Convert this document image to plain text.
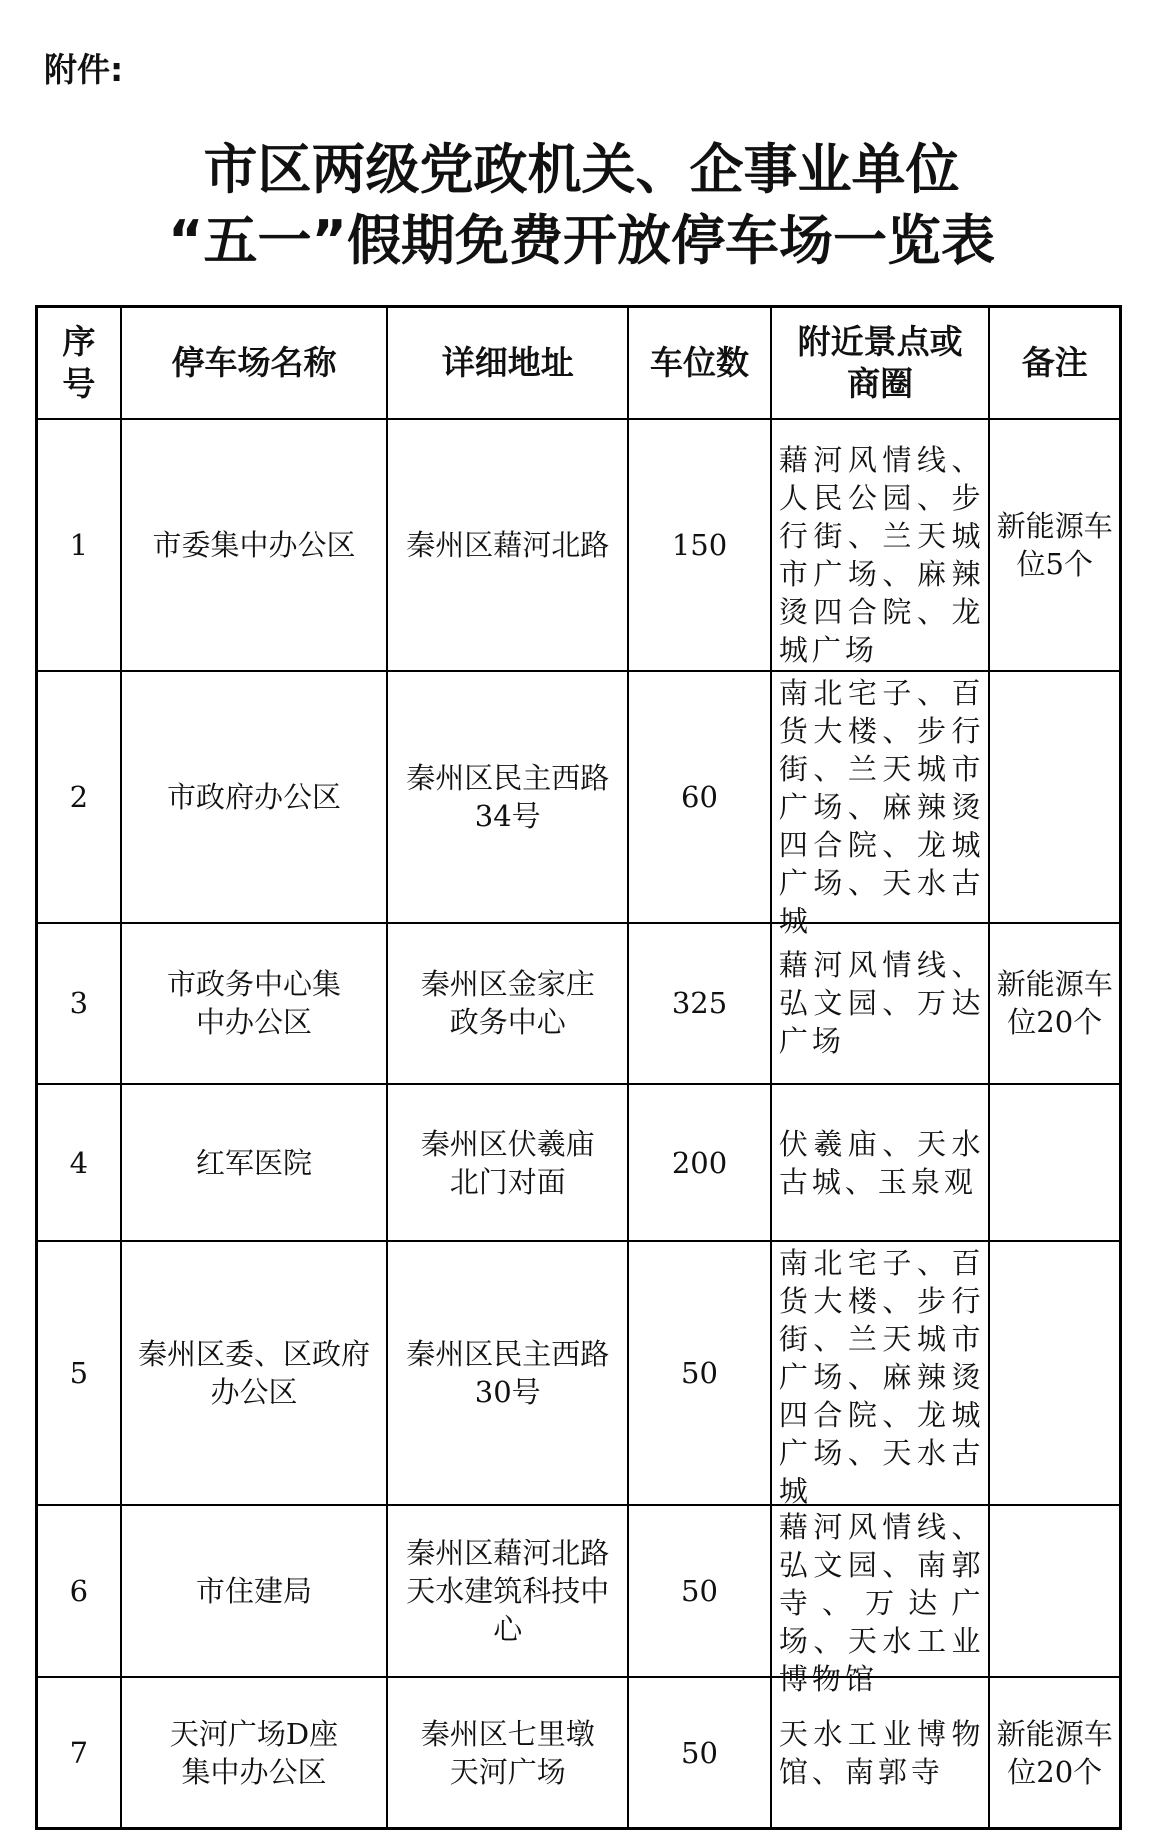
附件:
市区两级党政机关、企事业单位
“五一”假期免费开放停车场一览表
序号	停车场名称	详细地址	车位数	附近景点或商圈	备注
1	市委集中办公区	秦州区藉河北路	150	藉河风情线、人民公园、步行街、兰天城市广场、麻辣烫四合院、龙城广场	新能源车位5个

2	市政府办公区	秦州区民主西路34号	60	南北宅子、百货大楼、步行街、兰天城市广场、麻辣烫四合院、龙城广场、天水古城	

3	市政务中心集中办公区	秦州区金家庄政务中心	325	藉河风情线、弘文园、万达广场	新能源车位20个

4	红军医院	秦州区伏羲庙北门对面	200	伏羲庙、天水古城、玉泉观	

5	秦州区委、区政府办公区	秦州区民主西路30号	50	南北宅子、百货大楼、步行街、兰天城市广场、麻辣烫四合院、龙城广场、天水古城	

6	市住建局	秦州区藉河北路天水建筑科技中心	50	藉河风情线、弘文园、南郭寺、万达广场、天水工业博物馆	

7	天河广场D座集中办公区	秦州区七里墩天河广场	50	天水工业博物馆、南郭寺	新能源车位20个
